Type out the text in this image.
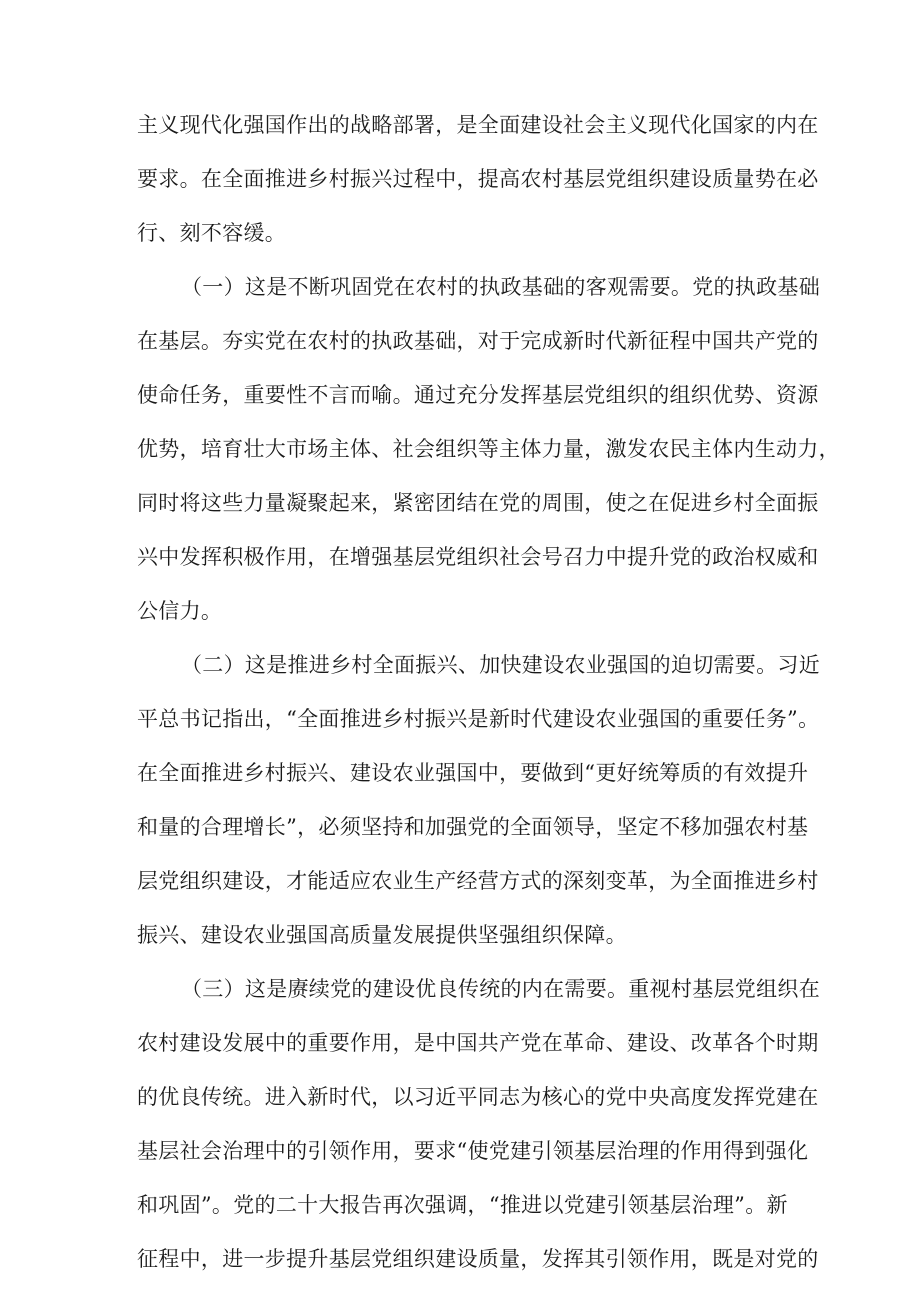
主义现代化强国作出的战略部署，是全面建设社会主义现代化国家的内在
要求。在全面推进乡村振兴过程中，提高农村基层党组织建设质量势在必
行、刻不容缓。
（一）这是不断巩固党在农村的执政基础的客观需要。党的执政基础
在基层。夯实党在农村的执政基础，对于完成新时代新征程中国共产党的
使命任务，重要性不言而喻。通过充分发挥基层党组织的组织优势、资源
优势，培育壮大市场主体、社会组织等主体力量，激发农民主体内生动力，
同时将这些力量凝聚起来，紧密团结在党的周围，使之在促进乡村全面振
兴中发挥积极作用，在增强基层党组织社会号召力中提升党的政治权威和
公信力。
（二）这是推进乡村全面振兴、加快建设农业强国的迫切需要。习近
平总书记指出，“全面推进乡村振兴是新时代建设农业强国的重要任务”。
在全面推进乡村振兴、建设农业强国中，要做到“更好统筹质的有效提升
和量的合理增长”，必须坚持和加强党的全面领导，坚定不移加强农村基
层党组织建设，才能适应农业生产经营方式的深刻变革，为全面推进乡村
振兴、建设农业强国高质量发展提供坚强组织保障。
（三）这是赓续党的建设优良传统的内在需要。重视村基层党组织在
农村建设发展中的重要作用，是中国共产党在革命、建设、改革各个时期
的优良传统。进入新时代，以习近平同志为核心的党中央高度发挥党建在
基层社会治理中的引领作用，要求“使党建引领基层治理的作用得到强化
和巩固”。党的二十大报告再次强调，“推进以党建引领基层治理”。新
征程中，进一步提升基层党组织建设质量，发挥其引领作用，既是对党的
